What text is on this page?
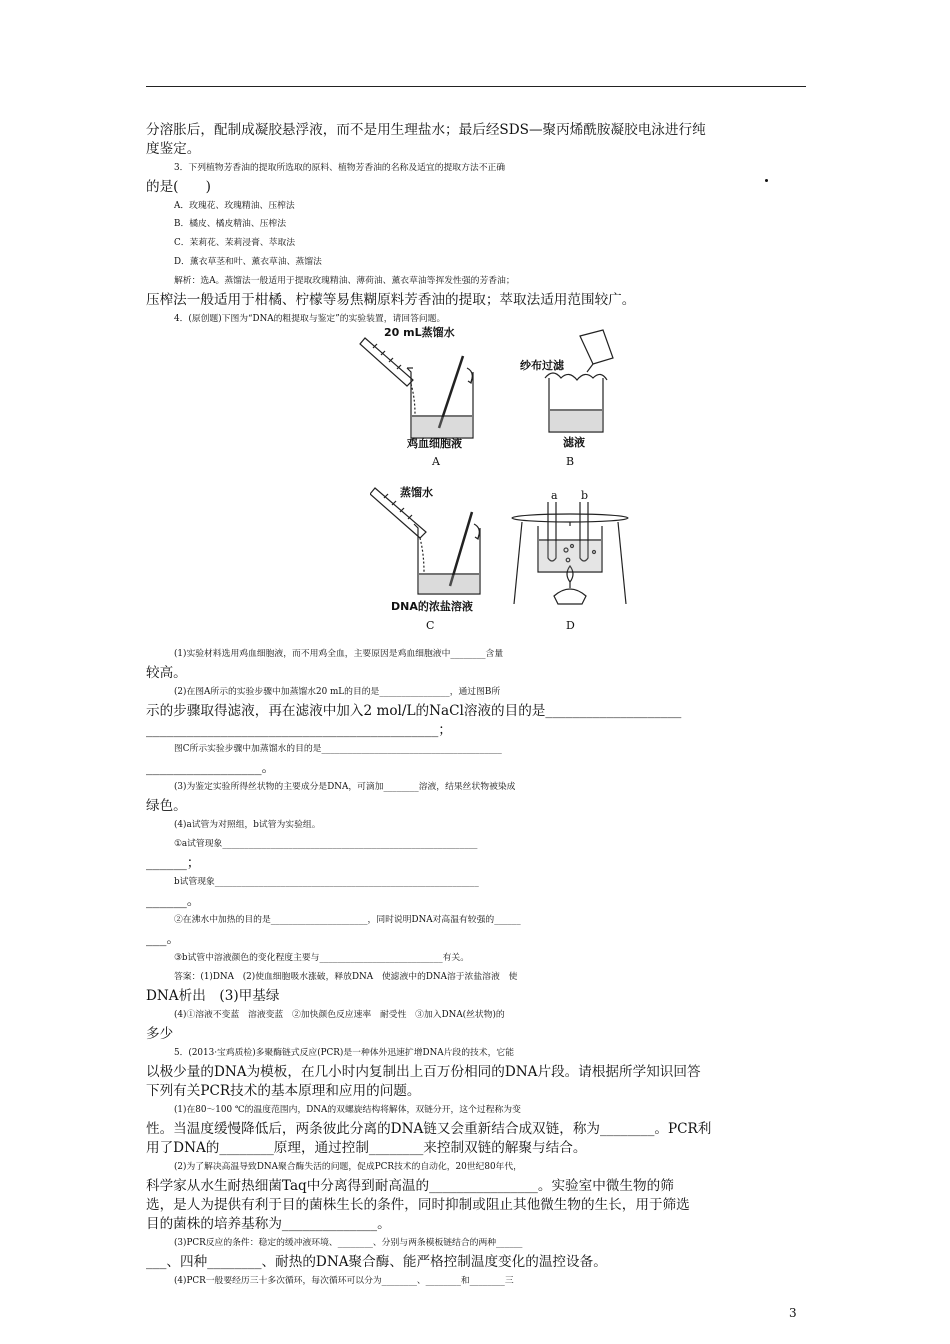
分溶胀后，配制成凝胶悬浮液，而不是用生理盐水；最后经SDS—聚丙烯酰胺凝胶电泳进行纯
度鉴定。
3．下列植物芳香油的提取所选取的原料、植物芳香油的名称及适宜的提取方法不正确
的是(　　)
A．玫瑰花、玫瑰精油、压榨法
B．橘皮、橘皮精油、压榨法
C．茉莉花、茉莉浸膏、萃取法
D．薰衣草茎和叶、薰衣草油、蒸馏法
解析：选A。蒸馏法一般适用于提取玫瑰精油、薄荷油、薰衣草油等挥发性强的芳香油；
压榨法一般适用于柑橘、柠檬等易焦糊原料芳香油的提取；萃取法适用范围较广。
4．(原创题)下图为“DNA的粗提取与鉴定”的实验装置，请回答问题。
20 mL蒸馏水
鸡血细胞液
A
纱布过滤
滤液
B
蒸馏水
DNA的浓盐溶液
C
a b
D
(1)实验材料选用鸡血细胞液，而不用鸡全血，主要原因是鸡血细胞液中________含量
较高。
(2)在图A所示的实验步骤中加蒸馏水20 mL的目的是________________，通过图B所
示的步骤取得滤液，再在滤液中加入2 mol/L的NaCl溶液的目的是____________________
___________________________________________；
图C所示实验步骤中加蒸馏水的目的是_________________________________________
_________________。
(3)为鉴定实验所得丝状物的主要成分是DNA，可滴加________溶液，结果丝状物被染成
绿色。
(4)a试管为对照组，b试管为实验组。
①a试管现象__________________________________________________________
______；
b试管现象____________________________________________________________
______。
②在沸水中加热的目的是______________________，同时说明DNA对高温有较强的______
___。
③b试管中溶液颜色的变化程度主要与____________________________有关。
答案：(1)DNA　(2)使血细胞吸水涨破，释放DNA　使滤液中的DNA溶于浓盐溶液　使
DNA析出　(3)甲基绿
(4)①溶液不变蓝　溶液变蓝　②加快颜色反应速率　耐受性　③加入DNA(丝状物)的
多少
5．(2013·宝鸡质检)多聚酶链式反应(PCR)是一种体外迅速扩增DNA片段的技术，它能
以极少量的DNA为模板，在几小时内复制出上百万份相同的DNA片段。请根据所学知识回答
下列有关PCR技术的基本原理和应用的问题。
(1)在80～100 ℃的温度范围内，DNA的双螺旋结构将解体，双链分开，这个过程称为变
性。当温度缓慢降低后，两条彼此分离的DNA链又会重新结合成双链，称为________。PCR利
用了DNA的________原理，通过控制________来控制双链的解聚与结合。
(2)为了解决高温导致DNA聚合酶失活的问题，促成PCR技术的自动化，20世纪80年代，
科学家从水生耐热细菌Taq中分离得到耐高温的________________。实验室中微生物的筛
选，是人为提供有利于目的菌株生长的条件，同时抑制或阻止其他微生物的生长，用于筛选
目的菌株的培养基称为______________。
(3)PCR反应的条件：稳定的缓冲液环境、________、分别与两条模板链结合的两种______
___、四种________、耐热的DNA聚合酶、能严格控制温度变化的温控设备。
(4)PCR一般要经历三十多次循环，每次循环可以分为________、________和________三
3
